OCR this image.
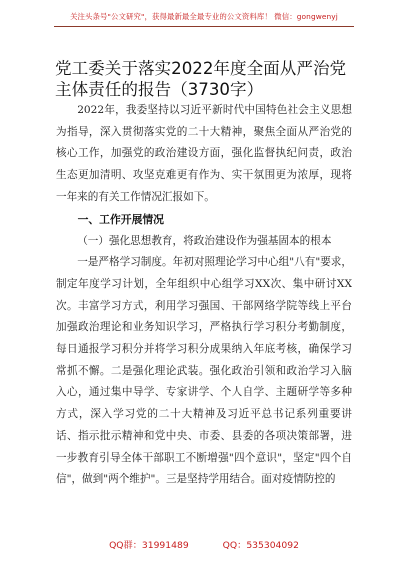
关注头条号"公文研究"，获得最新最全最专业的公文资料库！ 微信：gongwenyj
党工委关于落实2022年度全面从严治党主体责任的报告（3730字）

2022年，我委坚持以习近平新时代中国特色社会主义思想为指导，深入贯彻落实党的二十大精神，聚焦全面从严治党的核心工作，加强党的政治建设方面，强化监督执纪问责，政治生态更加清明、攻坚克难更有作为、实干氛围更为浓厚，现将一年来的有关工作情况汇报如下。

一、工作开展情况

（一）强化思想教育，将政治建设作为强基固本的根本

一是严格学习制度。年初对照理论学习中心组"八有"要求，制定年度学习计划，全年组织中心组学习XX次、集中研讨XX次。丰富学习方式，利用学习强国、干部网络学院等线上平台加强政治理论和业务知识学习，严格执行学习积分考勤制度，每日通报学习积分并将学习积分成果纳入年底考核，确保学习常抓不懈。二是强化理论武装。强化政治引领和政治学习入脑入心，通过集中导学、专家讲学、个人自学、主题研学等多种方式，深入学习党的二十大精神及习近平总书记系列重要讲话、指示批示精神和党中央、市委、县委的各项决策部署，进一步教育引导全体干部职工不断增强"四个意识"，坚定"四个自信"，做到"两个维护"。三是坚持学用结合。面对疫情防控的

QQ群：31991489	QQ：535304092
